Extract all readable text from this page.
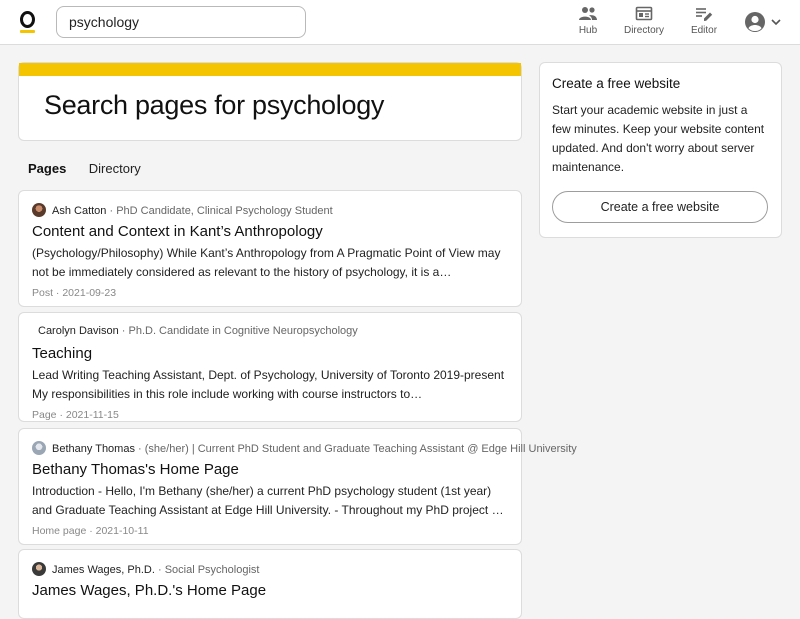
psychology
Hub	Directory	Editor
Search pages for psychology
Pages Directory
Ash Catton · PhD Candidate, Clinical Psychology Student
Content and Context in Kant’s Anthropology
(Psychology/Philosophy) While Kant’s Anthropology from A Pragmatic Point of View may not be immediately considered as relevant to the history of psychology, it is a…
Post · 2021-09-23
Carolyn Davison · Ph.D. Candidate in Cognitive Neuropsychology
Teaching
Lead Writing Teaching Assistant, Dept. of Psychology, University of Toronto 2019-present My responsibilities in this role include working with course instructors to…
Page · 2021-11-15
Bethany Thomas · (she/her) | Current PhD Student and Graduate Teaching Assistant @ Edge Hill University
Bethany Thomas's Home Page
Introduction - Hello, I'm Bethany (she/her) a current PhD psychology student (1st year) and Graduate Teaching Assistant at Edge Hill University. - Throughout my PhD project …
Home page · 2021-10-11
James Wages, Ph.D. · Social Psychologist
James Wages, Ph.D.'s Home Page
Create a free website

Start your academic website in just a few minutes. Keep your website content updated. And don't worry about server maintenance.

Create a free website
